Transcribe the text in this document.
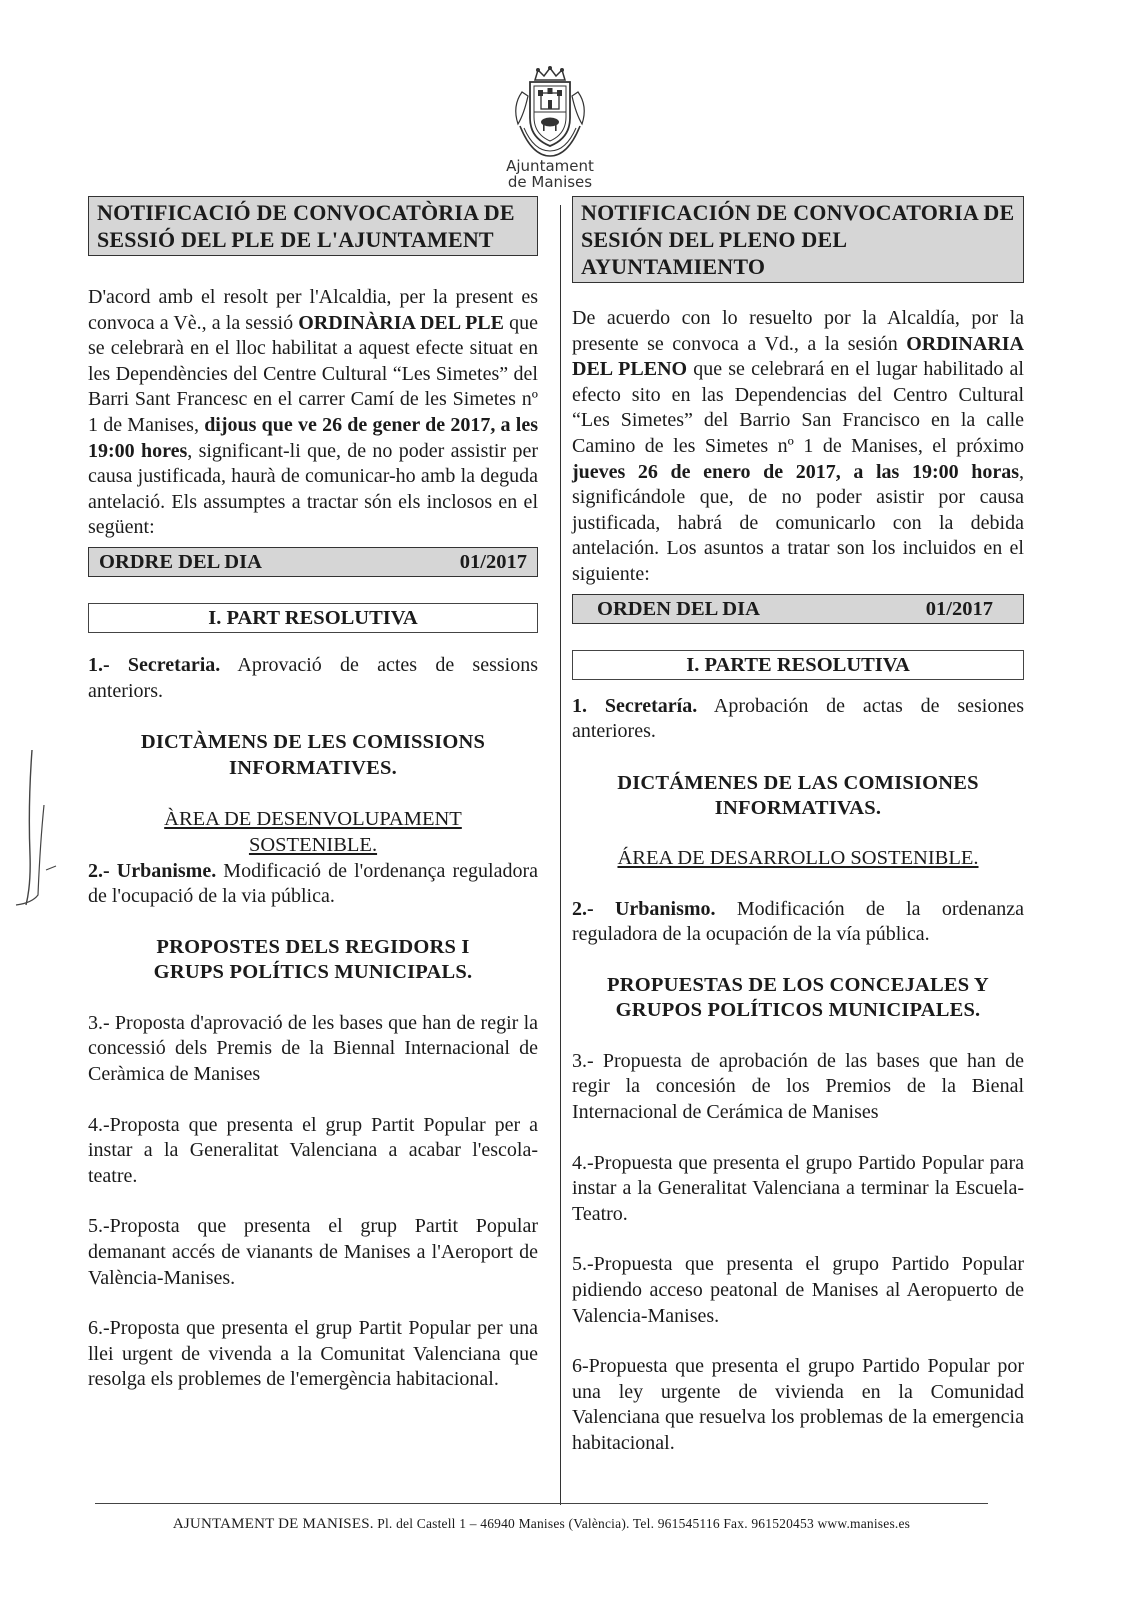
Ajuntament
de Manises
NOTIFICACIÓ DE CONVOCATÒRIA DE
SESSIÓ DEL PLE DE L'AJUNTAMENT
D'acord amb el resolt per l'Alcaldia, per la present es convoca a Vè., a la sessió ORDINÀRIA DEL PLE que se celebrarà en el lloc habilitat a aquest efecte situat en les Dependències del Centre Cultural “Les Simetes” del Barri Sant Francesc en el carrer Camí de les Simetes nº 1 de Manises, dijous que ve 26 de gener de 2017, a les 19:00 hores, significant-li que, de no poder assistir per causa justificada, haurà de comunicar-ho amb la deguda antelació. Els assumptes a tractar són els inclosos en el següent:
ORDRE DEL DIA	01/2017
I. PART RESOLUTIVA
1.- Secretaria. Aprovació de actes de sessions anteriors.
DICTÀMENS DE LES COMISSIONS
INFORMATIVES.
ÀREA DE DESENVOLUPAMENT
SOSTENIBLE.
2.- Urbanisme. Modificació de l'ordenança reguladora de l'ocupació de la via pública.
PROPOSTES DELS REGIDORS I
GRUPS POLÍTICS MUNICIPALS.
3.- Proposta d'aprovació de les bases que han de regir la concessió dels Premis de la Biennal Internacional de Ceràmica de Manises
4.-Proposta que presenta el grup Partit Popular per a instar a la Generalitat Valenciana a acabar l'escola-teatre.
5.-Proposta que presenta el grup Partit Popular demanant accés de vianants de Manises a l'Aeroport de València-Manises.
6.-Proposta que presenta el grup Partit Popular per una llei urgent de vivenda a la Comunitat Valenciana que resolga els problemes de l'emergència habitacional.
NOTIFICACIÓN DE CONVOCATORIA DE
SESIÓN DEL PLENO DEL AYUNTAMIENTO
De acuerdo con lo resuelto por la Alcaldía, por la presente se convoca a Vd., a la sesión ORDINARIA DEL PLENO que se celebrará en el lugar habilitado al efecto sito en las Dependencias del Centro Cultural “Les Simetes” del Barrio San Francisco en la calle Camino de les Simetes nº 1 de Manises, el próximo jueves 26 de enero de 2017, a las 19:00 horas, significándole que, de no poder asistir por causa justificada, habrá de comunicarlo con la debida antelación. Los asuntos a tratar son los incluidos en el siguiente:
ORDEN DEL DIA	01/2017
I. PARTE RESOLUTIVA
1. Secretaría. Aprobación de actas de sesiones anteriores.
DICTÁMENES DE LAS COMISIONES
INFORMATIVAS.
ÁREA DE DESARROLLO SOSTENIBLE.
2.- Urbanismo. Modificación de la ordenanza reguladora de la ocupación de la vía pública.
PROPUESTAS DE LOS CONCEJALES Y
GRUPOS POLÍTICOS MUNICIPALES.
3.- Propuesta de aprobación de las bases que han de regir la concesión de los Premios de la Bienal Internacional de Cerámica de Manises
4.-Propuesta que presenta el grupo Partido Popular para instar a la Generalitat Valenciana a terminar la Escuela-Teatro.
5.-Propuesta que presenta el grupo Partido Popular pidiendo acceso peatonal de Manises al Aeropuerto de Valencia-Manises.
6-Propuesta que presenta el grupo Partido Popular por una ley urgente de vivienda en la Comunidad Valenciana que resuelva los problemas de la emergencia habitacional.
AJUNTAMENT DE MANISES. Pl. del Castell 1 – 46940 Manises (València). Tel. 961545116 Fax. 961520453 www.manises.es
